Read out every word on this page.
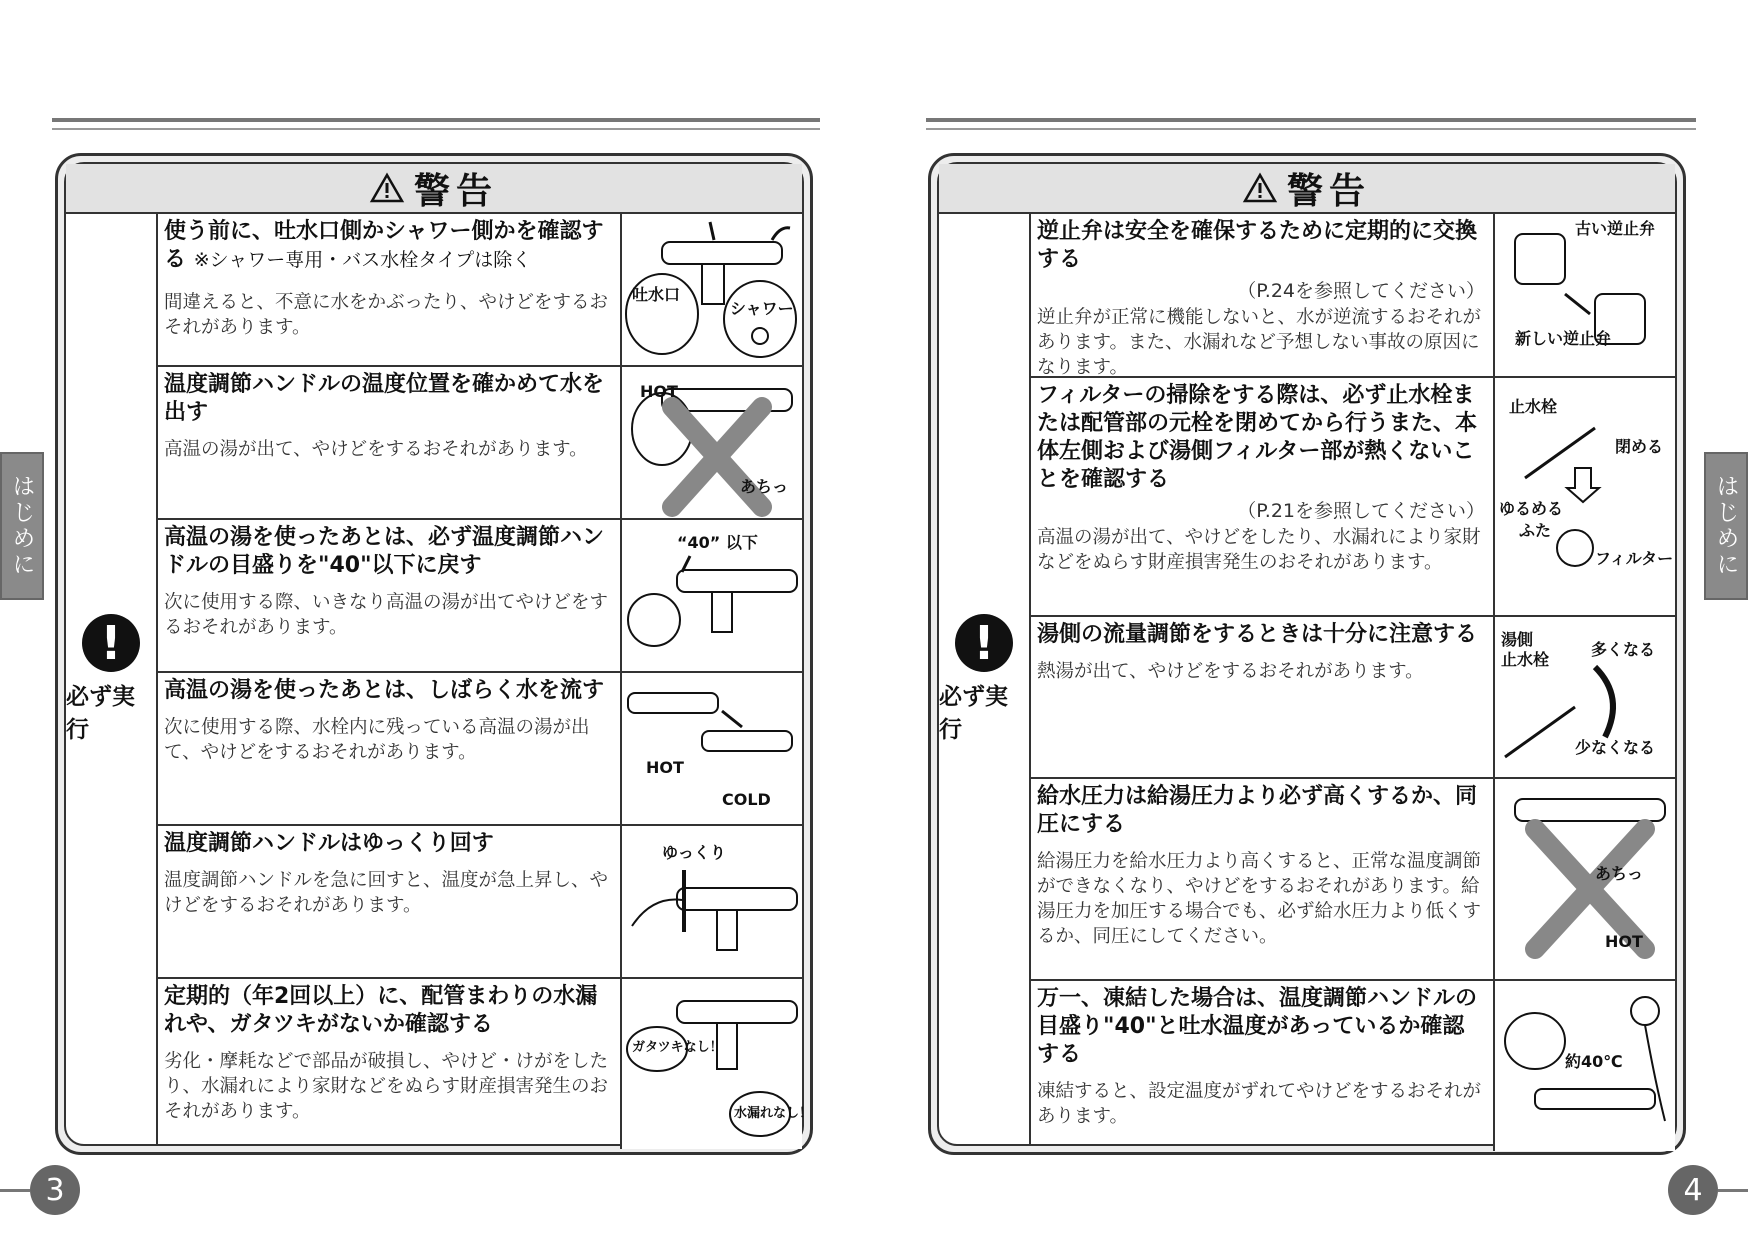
はじめに	はじめに
警告
!
必ず実行
使う前に、吐水口側かシャワー側かを確認する ※シャワー専用・バス水栓タイプは除く
間違えると、不意に水をかぶったり、やけどをするおそれがあります。
吐水口
シャワー
温度調節ハンドルの温度位置を確かめて水を出す
高温の湯が出て、やけどをするおそれがあります。
HOT
あちっ
高温の湯を使ったあとは、必ず温度調節ハンドルの目盛りを"40"以下に戻す
次に使用する際、いきなり高温の湯が出てやけどをするおそれがあります。
“40” 以下
高温の湯を使ったあとは、しばらく水を流す
次に使用する際、水栓内に残っている高温の湯が出て、やけどをするおそれがあります。
HOT
COLD
温度調節ハンドルはゆっくり回す
温度調節ハンドルを急に回すと、温度が急上昇し、やけどをするおそれがあります。
ゆっくり
定期的（年2回以上）に、配管まわりの水漏れや、ガタツキがないか確認する
劣化・摩耗などで部品が破損し、やけど・けがをしたり、水漏れにより家財などをぬらす財産損害発生のおそれがあります。
ガタツキなし！
水漏れなし！
警告
!
必ず実行
逆止弁は安全を確保するために定期的に交換する
（P.24を参照してください）
逆止弁が正常に機能しないと、水が逆流するおそれがあります。また、水漏れなど予想しない事故の原因になります。
古い逆止弁
新しい逆止弁
フィルターの掃除をする際は、必ず止水栓または配管部の元栓を閉めてから行うまた、本体左側および湯側フィルター部が熱くないことを確認する
（P.21を参照してください）
高温の湯が出て、やけどをしたり、水漏れにより家財などをぬらす財産損害発生のおそれがあります。
止水栓
閉める
ゆるめる
ふた
フィルター
湯側の流量調節をするときは十分に注意する
熱湯が出て、やけどをするおそれがあります。
湯側
止水栓
多くなる
少なくなる
給水圧力は給湯圧力より必ず高くするか、同圧にする
給湯圧力を給水圧力より高くすると、正常な温度調節ができなくなり、やけどをするおそれがあります。給湯圧力を加圧する場合でも、必ず給水圧力より低くするか、同圧にしてください。
あちっ
HOT
万一、凍結した場合は、温度調節ハンドルの目盛り"40"と吐水温度があっているか確認する
凍結すると、設定温度がずれてやけどをするおそれがあります。
約40℃
3	4
